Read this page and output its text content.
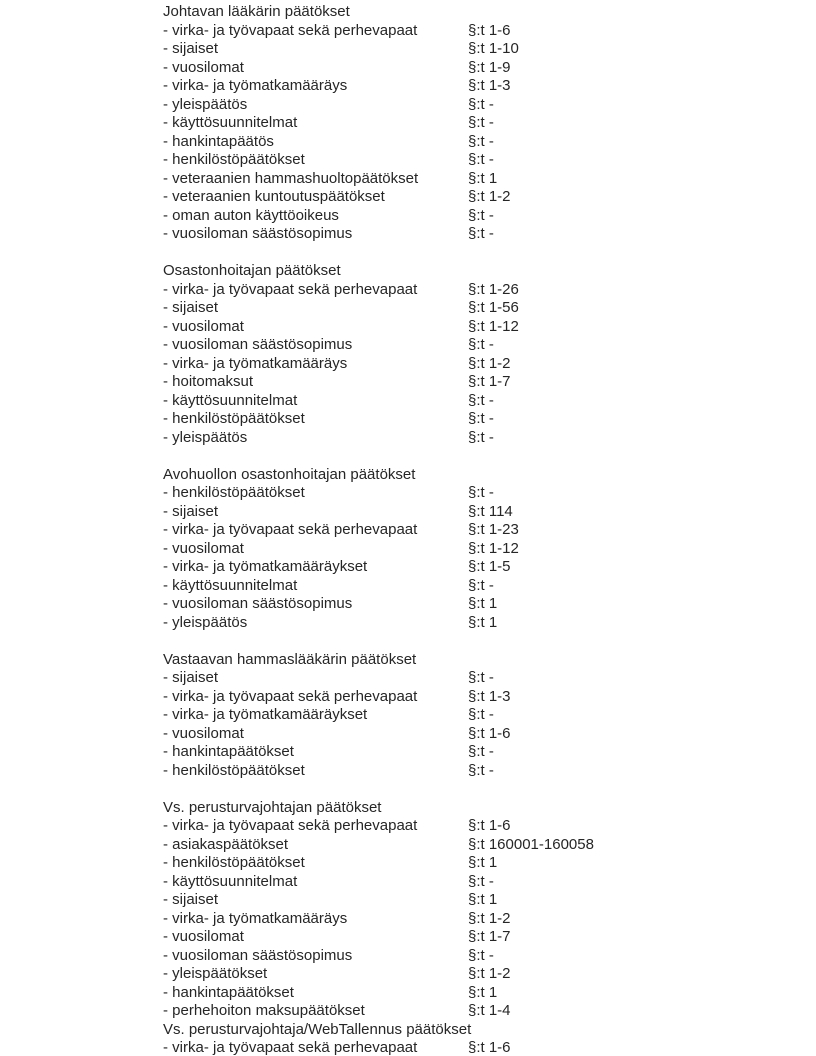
Johtavan lääkärin päätökset
- virka- ja työvapaat sekä perhevapaat	§:t 1-6
- sijaiset	§:t 1-10
- vuosilomat	§:t 1-9
- virka- ja työmatkamääräys	§:t 1-3
- yleispäätös	§:t -
- käyttösuunnitelmat	§:t -
- hankintapäätös	§:t -
- henkilöstöpäätökset	§:t -
- veteraanien hammashuoltopäätökset	§:t 1
- veteraanien kuntoutuspäätökset	§:t 1-2
- oman auton käyttöoikeus	§:t -
- vuosiloman säästösopimus	§:t -
Osastonhoitajan päätökset
- virka- ja työvapaat sekä perhevapaat	§:t 1-26
- sijaiset	§:t 1-56
- vuosilomat	§:t 1-12
- vuosiloman säästösopimus	§:t -
- virka- ja työmatkamääräys	§:t 1-2
- hoitomaksut	§:t 1-7
- käyttösuunnitelmat	§:t -
- henkilöstöpäätökset	§:t -
- yleispäätös	§:t -
Avohuollon osastonhoitajan päätökset
- henkilöstöpäätökset	§:t -
- sijaiset	§:t 114
- virka- ja työvapaat sekä perhevapaat	§:t 1-23
- vuosilomat	§:t 1-12
- virka- ja työmatkamääräykset	§:t 1-5
- käyttösuunnitelmat	§:t -
- vuosiloman säästösopimus	§:t 1
- yleispäätös	§:t 1
Vastaavan hammaslääkärin päätökset
- sijaiset	§:t -
- virka- ja työvapaat sekä perhevapaat	§:t 1-3
- virka- ja työmatkamääräykset	§:t -
- vuosilomat	§:t 1-6
- hankintapäätökset	§:t -
- henkilöstöpäätökset	§:t -
Vs. perusturvajohtajan päätökset
- virka- ja työvapaat sekä perhevapaat	§:t 1-6
- asiakaspäätökset	§:t 160001-160058
- henkilöstöpäätökset	§:t 1
- käyttösuunnitelmat	§:t -
- sijaiset	§:t 1
- virka- ja työmatkamääräys	§:t 1-2
- vuosilomat	§:t 1-7
- vuosiloman säästösopimus	§:t -
- yleispäätökset	§:t 1-2
- hankintapäätökset	§:t 1
- perhehoiton maksupäätökset	§:t 1-4
Vs. perusturvajohtaja/WebTallennus päätökset
- virka- ja työvapaat sekä perhevapaat	§:t 1-6
